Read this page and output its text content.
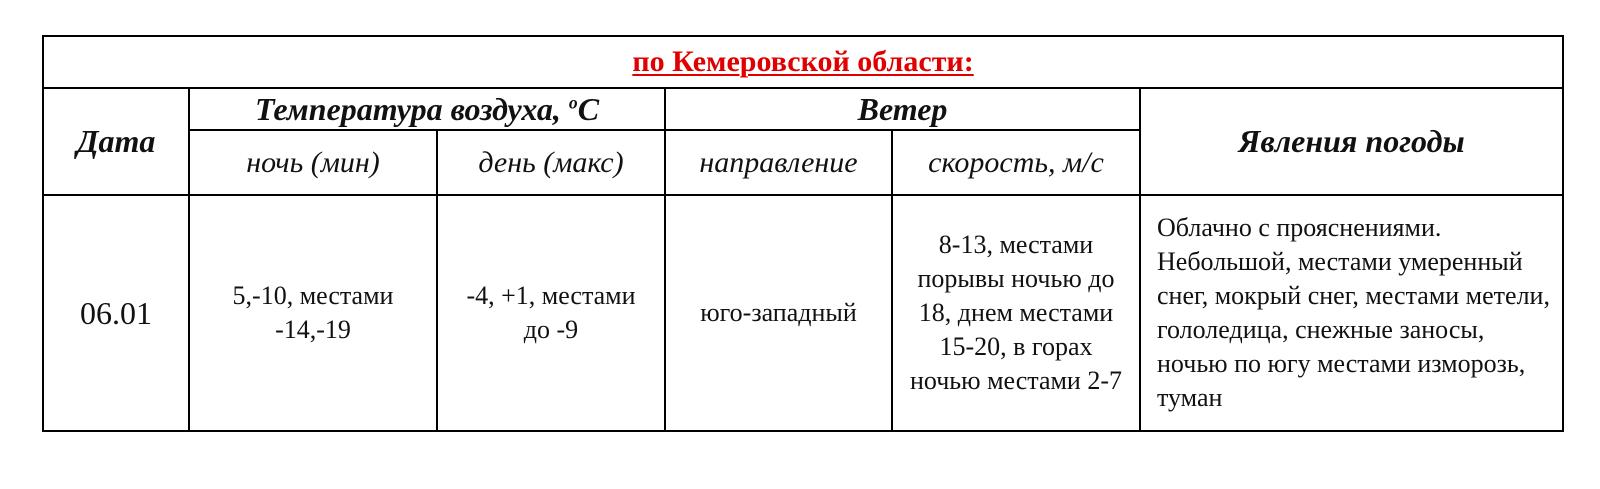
по Кемеровской области:					
Дата	Температура воздуха, $^o$C		Ветер		Явления погоды
	ночь (мин)	день (макс)	направление	скорость, м/с	
06.01	5,-10, местами -14,-19	-4, +1, местами до -9	юго-западный	8-13, местами порывы ночью до 18, днем местами 15-20, в горах ночью местами 2-7	Облачно с прояснениями. Небольшой, местами умеренный снег, мокрый снег, местами метели, гололедица, снежные заносы, ночью по югу местами изморозь, туман
